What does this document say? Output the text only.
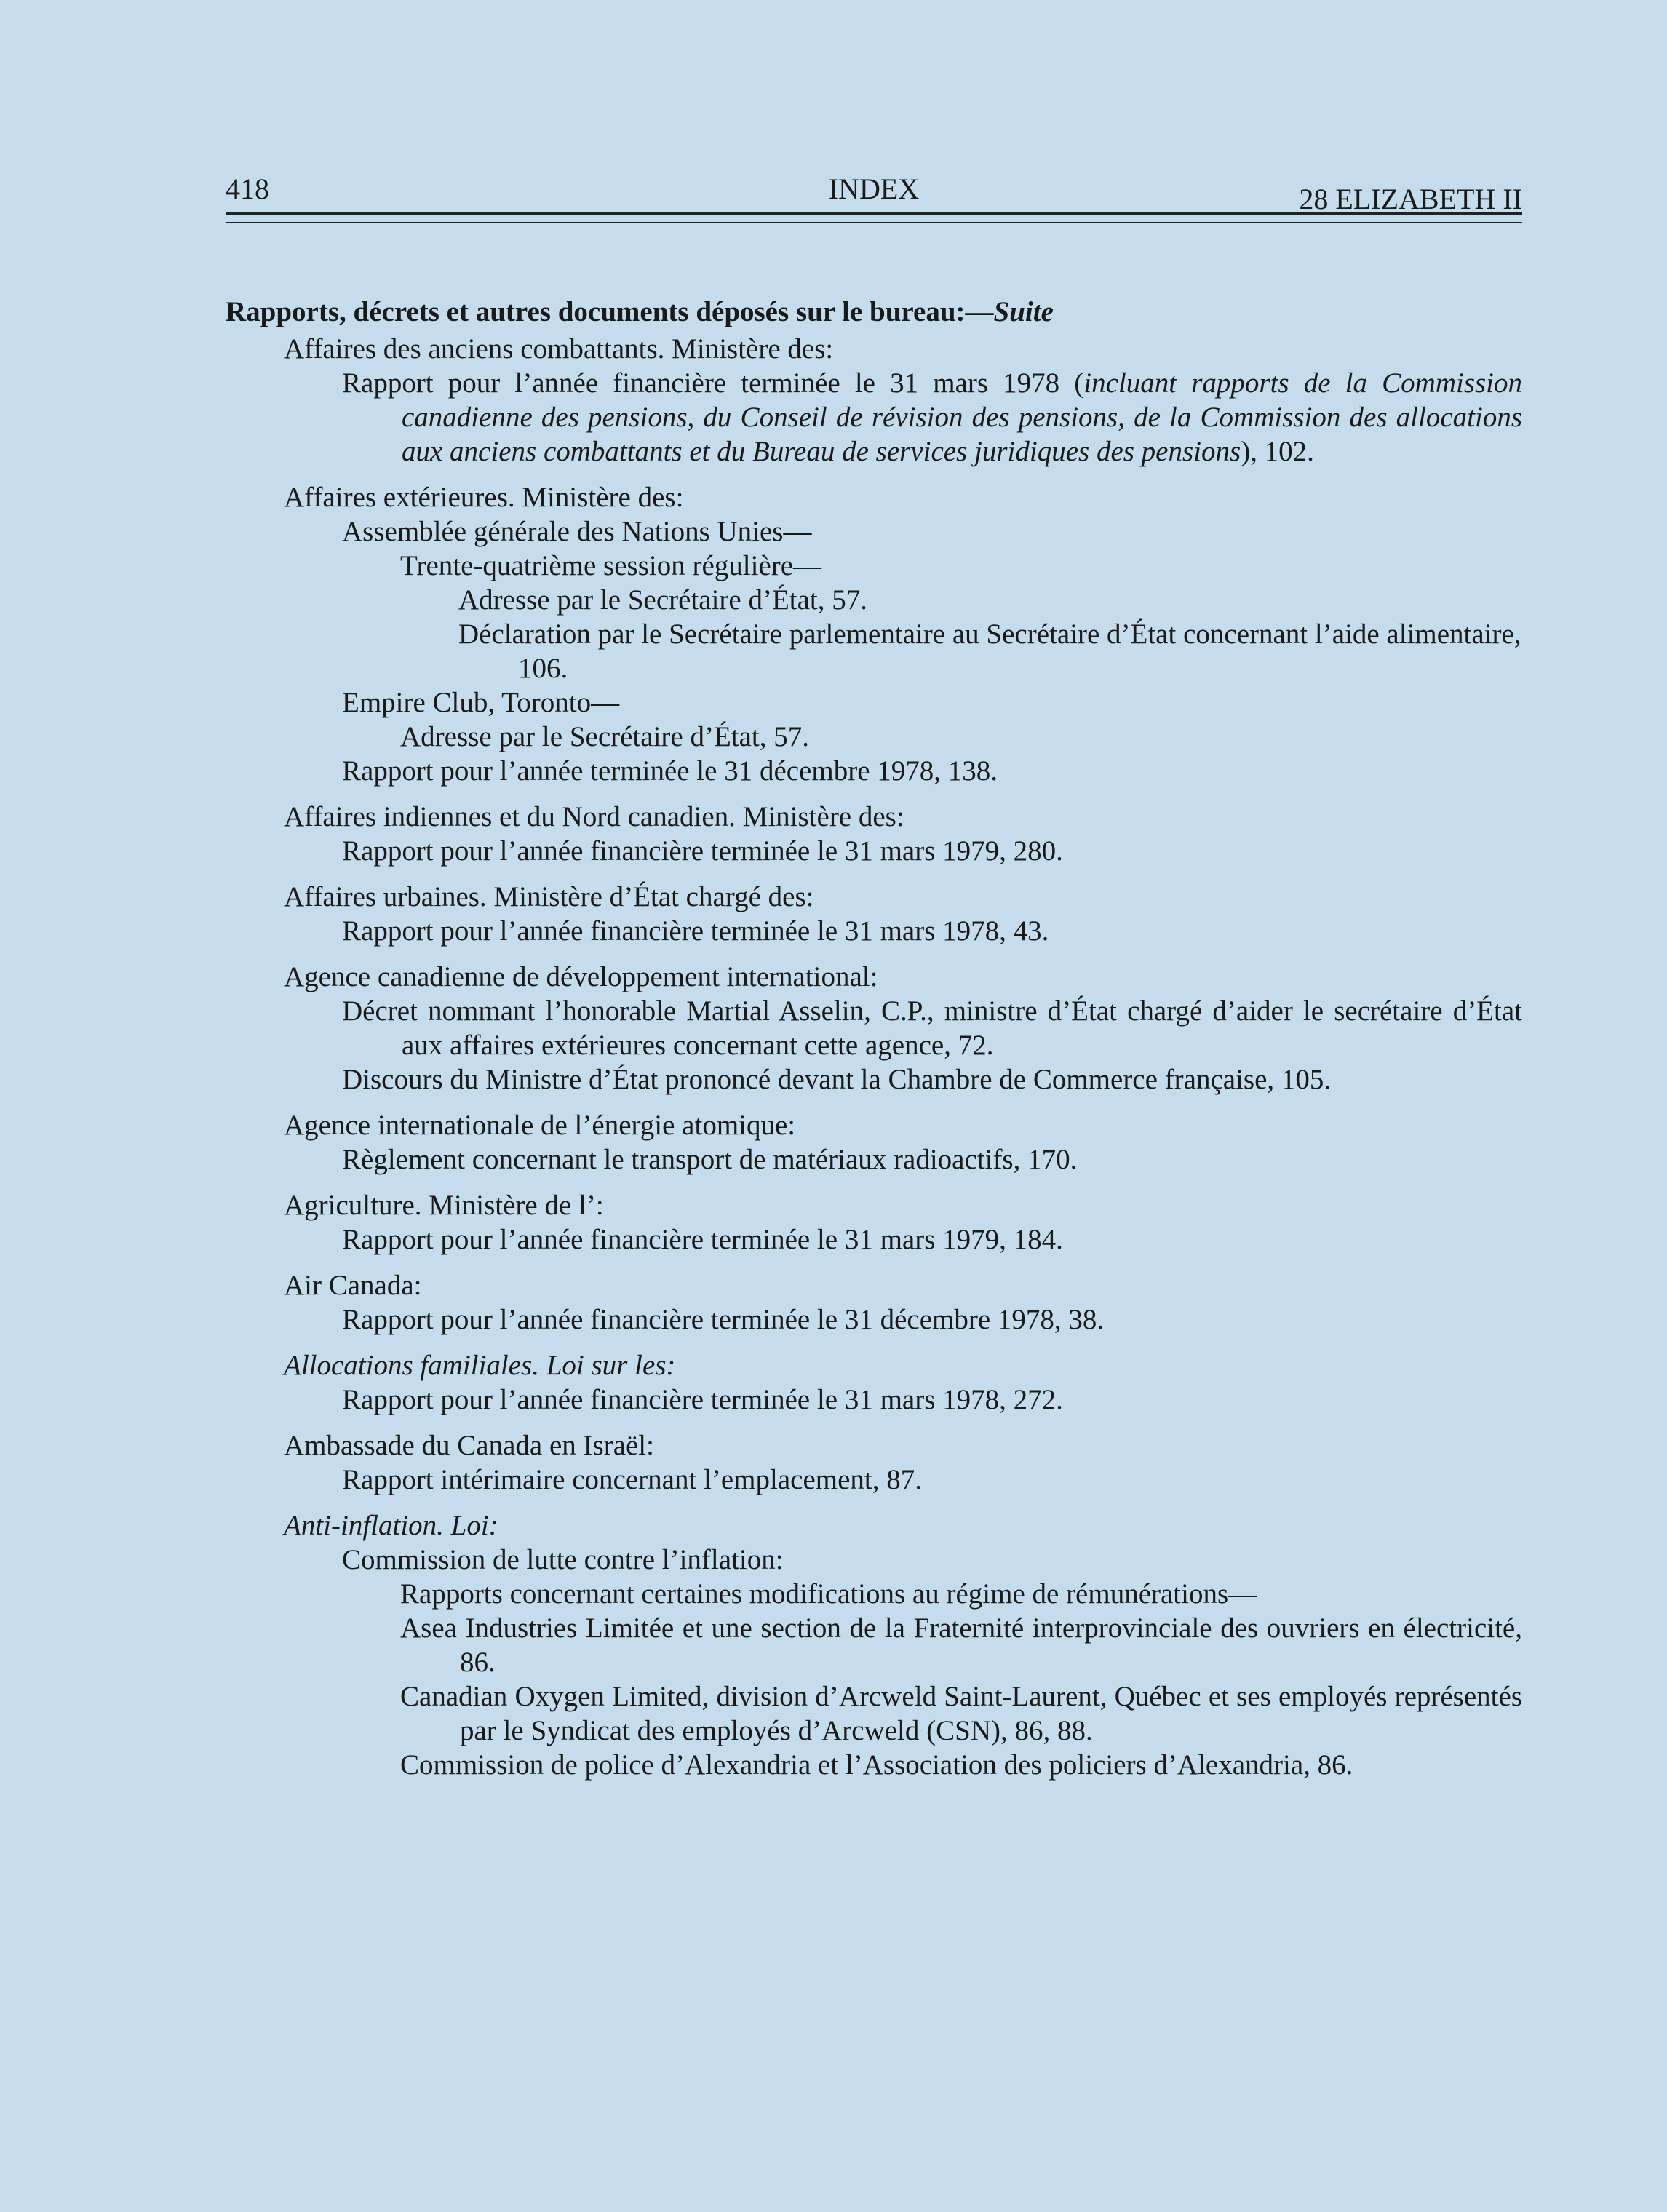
418	INDEX	28 ELIZABETH II
Rapports, décrets et autres documents déposés sur le bureau:—Suite
Affaires des anciens combattants. Ministère des:
Rapport pour l’année financière terminée le 31 mars 1978 (incluant rapports de la Commission canadienne des pensions, du Conseil de révision des pensions, de la Commission des allocations aux anciens combattants et du Bureau de services juridiques des pensions), 102.
Affaires extérieures. Ministère des:
Assemblée générale des Nations Unies—
Trente-quatrième session régulière—
Adresse par le Secrétaire d’État, 57.
Déclaration par le Secrétaire parlementaire au Secrétaire d’État concernant l’aide alimentaire, 106.
Empire Club, Toronto—
Adresse par le Secrétaire d’État, 57.
Rapport pour l’année terminée le 31 décembre 1978, 138.
Affaires indiennes et du Nord canadien. Ministère des:
Rapport pour l’année financière terminée le 31 mars 1979, 280.
Affaires urbaines. Ministère d’État chargé des:
Rapport pour l’année financière terminée le 31 mars 1978, 43.
Agence canadienne de développement international:
Décret nommant l’honorable Martial Asselin, C.P., ministre d’État chargé d’aider le secrétaire d’État aux affaires extérieures concernant cette agence, 72.
Discours du Ministre d’État prononcé devant la Chambre de Commerce française, 105.
Agence internationale de l’énergie atomique:
Règlement concernant le transport de matériaux radioactifs, 170.
Agriculture. Ministère de l’:
Rapport pour l’année financière terminée le 31 mars 1979, 184.
Air Canada:
Rapport pour l’année financière terminée le 31 décembre 1978, 38.
Allocations familiales. Loi sur les:
Rapport pour l’année financière terminée le 31 mars 1978, 272.
Ambassade du Canada en Israël:
Rapport intérimaire concernant l’emplacement, 87.
Anti-inflation. Loi:
Commission de lutte contre l’inflation:
Rapports concernant certaines modifications au régime de rémunérations—
Asea Industries Limitée et une section de la Fraternité interprovinciale des ouvriers en électricité, 86.
Canadian Oxygen Limited, division d’Arcweld Saint-Laurent, Québec et ses employés représentés par le Syndicat des employés d’Arcweld (CSN), 86, 88.
Commission de police d’Alexandria et l’Association des policiers d’Alexandria, 86.
